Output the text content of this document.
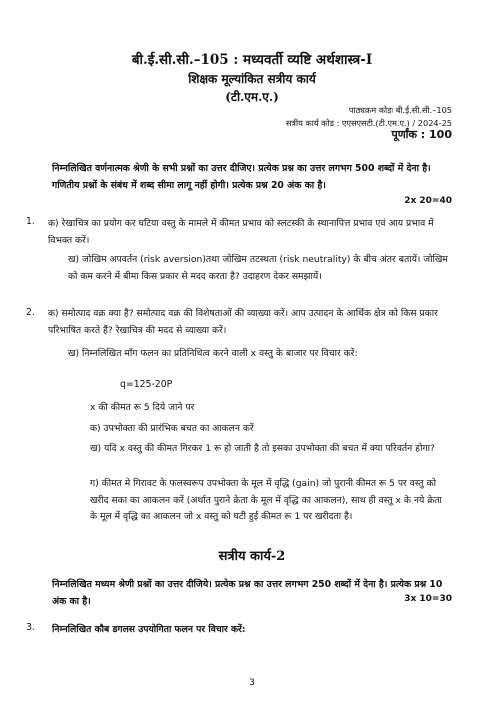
बी.ई.सी.सी.–105 : मध्यवर्ती व्यष्टि अर्थशास्त्र-I
शिक्षक मूल्यांकित सत्रीय कार्य
(टी.एम.ए.)
पाठ्यक्रम कोडः बी.ई.सी.सी.–105
सत्रीय कार्य कोड : एएसएसटी.(टी.एम.ए.) / 2024-25
पूर्णांक : 100
निम्नलिखित वर्णनात्मक श्रेणी के सभी प्रश्नों का उत्तर दीजिए। प्रत्येक प्रश्न का उत्तर लगभग 500 शब्दों में देना है। गणितीय प्रश्नों के संबंध में शब्द सीमा लागू नहीं होगी। प्रत्येक प्रश्न 20 अंक का है।
2x 20=40
1. क) रेखाचित्र का प्रयोग कर घटिया वस्तु के मामले में कीमत प्रभाव को स्लटस्की के स्थानापित्त प्रभाव एवं आय प्रभाव में विभक्त करें।
ख) जोखिम अपवर्तन (risk aversion)तथा जोखिम तटस्थता (risk neutrality) के बीच अंतर बतायें। जोखिम को कम करने में बीमा किस प्रकार से मदद करता है? उदाहरण देकर समझायें।
2. क) समोत्पाद वक्र क्या है? समोत्पाद वक्र की विशेषताओं की व्याख्या करें। आप उत्पादन के आर्थिक क्षेत्र को किस प्रकार परिभाषित करते हैं? रेखाचित्र की मदद से व्याख्या करें।
ख) निम्नलिखित माँग फलन का प्रतिनिधित्व करने वाली x वस्तु के बाजार पर विचार करें:
q=125-20P
x की कीमत रू 5 दिये जाने पर
क) उपभोक्ता की प्रारंभिक बचत का आकलन करें
ख) यदि x वस्तु की कीमत गिरकर 1 रू हो जाती है तो इसका उपभोक्ता की बचत में क्या परिवर्तन होगा?
ग) कीमत मे गिरावट के फलस्वरूप उपभोक्ता के मूल में वृद्धि (gain) जो पुरानी कीमत रू 5 पर वस्तु को खरीद सका का आकलन करें (अर्थात पुराने क्रेता के मूल में वृद्धि का आकलन), साथ ही वस्तु x के नये क्रेता के मूल में वृद्धि का आकलन जो x वस्तु को घटी हुई कीमत रू 1 पर खरीदता है।
सत्रीय कार्य-2
निम्नलिखित मध्यम श्रेणी प्रश्नों का उत्तर दीजिये। प्रत्येक प्रश्न का उत्तर लगभग 250 शब्दों में देना है। प्रत्येक प्रश्न 10 अंक का है।	3x 10=30
3. निम्नलिखित कौब डगलस उपयोगिता फलन पर विचार करें:
3
